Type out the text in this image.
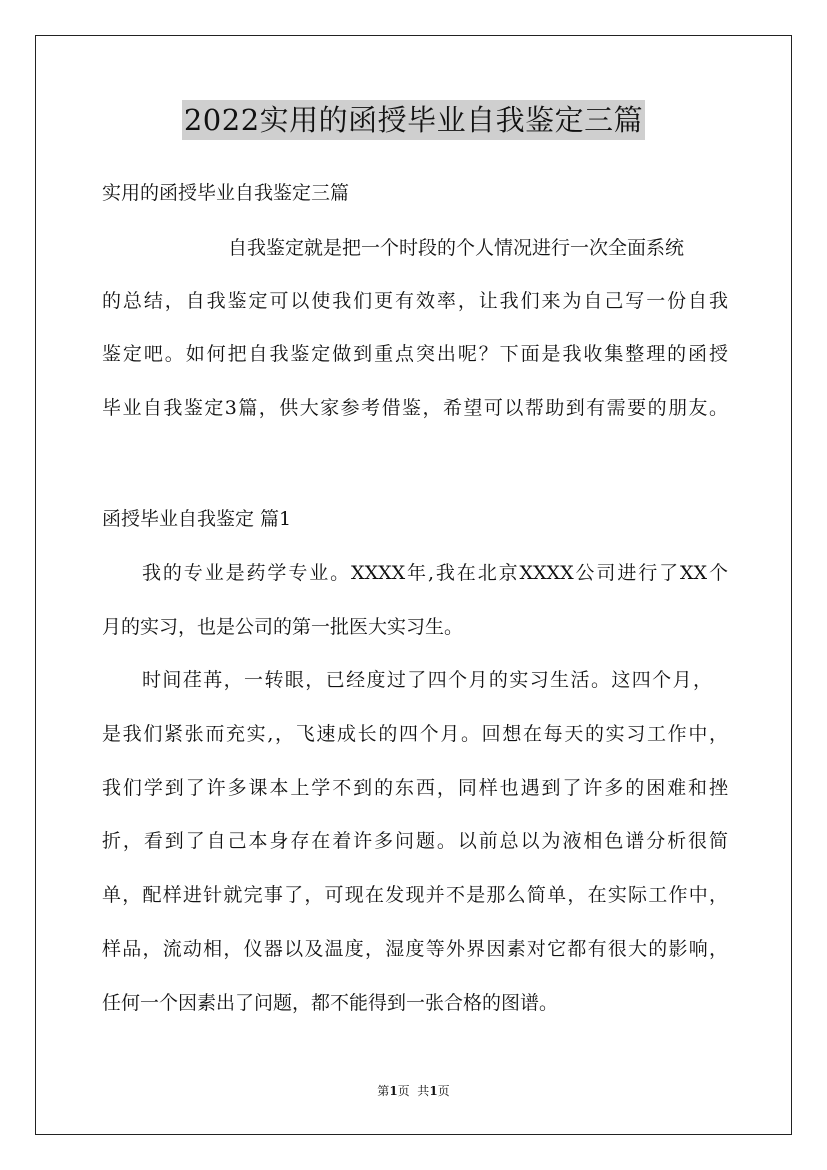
2022实用的函授毕业自我鉴定三篇
实用的函授毕业自我鉴定三篇
自我鉴定就是把一个时段的个人情况进行一次全面系统
的总结，自我鉴定可以使我们更有效率，让我们来为自己写一份自我
鉴定吧。如何把自我鉴定做到重点突出呢？下面是我收集整理的函授
毕业自我鉴定3篇，供大家参考借鉴，希望可以帮助到有需要的朋友。
函授毕业自我鉴定 篇1
我的专业是药学专业。XXXX年,我在北京XXXX公司进行了XX个
月的实习，也是公司的第一批医大实习生。
时间荏苒，一转眼，已经度过了四个月的实习生活。这四个月，
是我们紧张而充实,，飞速成长的四个月。回想在每天的实习工作中，
我们学到了许多课本上学不到的东西，同样也遇到了许多的困难和挫
折，看到了自己本身存在着许多问题。以前总以为液相色谱分析很简
单，配样进针就完事了，可现在发现并不是那么简单，在实际工作中，
样品，流动相，仪器以及温度，湿度等外界因素对它都有很大的影响，
任何一个因素出了问题，都不能得到一张合格的图谱。
第1页  共1页
